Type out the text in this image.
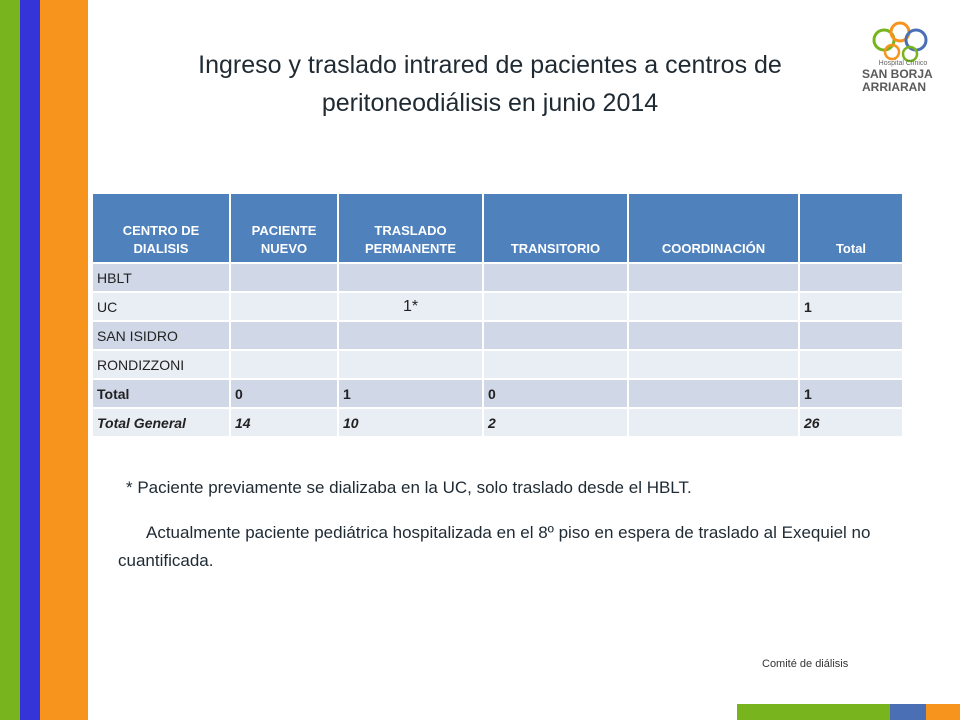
Ingreso y traslado intrared de pacientes a centros de
peritoneodiálisis en junio 2014
Hospital Clínico
SAN BORJA
ARRIARAN
CENTRO DE DIALISIS	PACIENTE NUEVO	TRASLADO PERMANENTE	TRANSITORIO	COORDINACIÓN	Total
HBLT					
UC		1*			1
SAN ISIDRO					
RONDIZZONI					
Total	0	1	0		1
Total General	14	10	2		26
* Paciente previamente se dializaba en la UC, solo traslado desde el HBLT.
Actualmente paciente pediátrica hospitalizada en el 8º piso en espera de traslado al Exequiel no cuantificada.
Comité de diálisis
